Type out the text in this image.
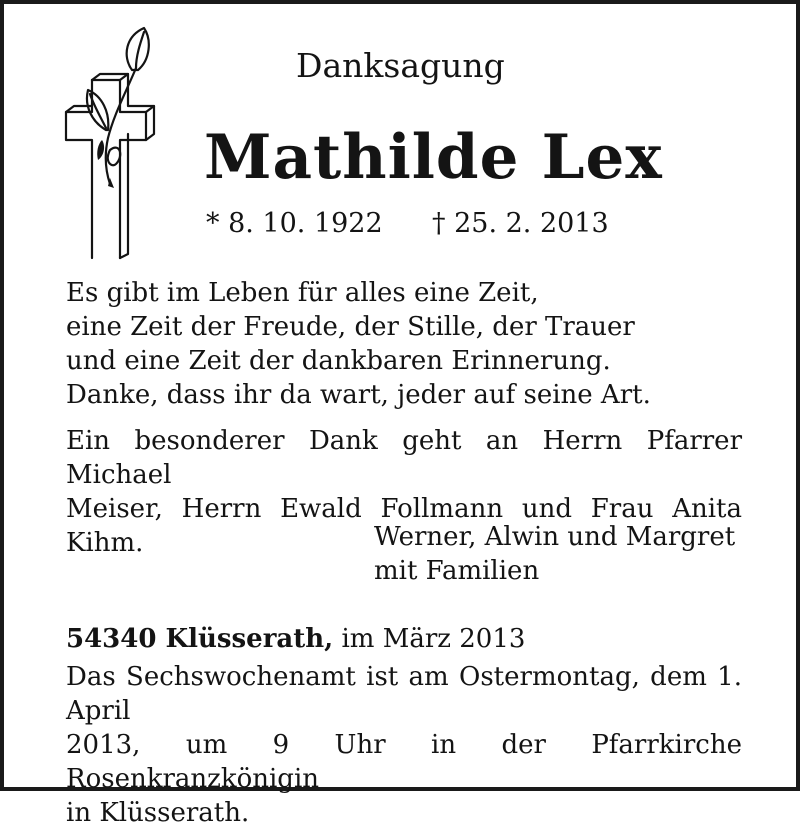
Danksagung
Mathilde Lex
* 8. 10. 1922 † 25. 2. 2013
Es gibt im Leben für alles eine Zeit,
eine Zeit der Freude, der Stille, der Trauer
und eine Zeit der dankbaren Erinnerung.
Danke, dass ihr da wart, jeder auf seine Art.
Ein besonderer Dank geht an Herrn Pfarrer Michael
Meiser, Herrn Ewald Follmann und Frau Anita Kihm.	Werner, Alwin und Margret
mit Familien
54340 Klüsserath, im März 2013
Das Sechswochenamt ist am Ostermontag, dem 1. April
2013, um 9 Uhr in der Pfarrkirche Rosenkranzkönigin
in Klüsserath.
